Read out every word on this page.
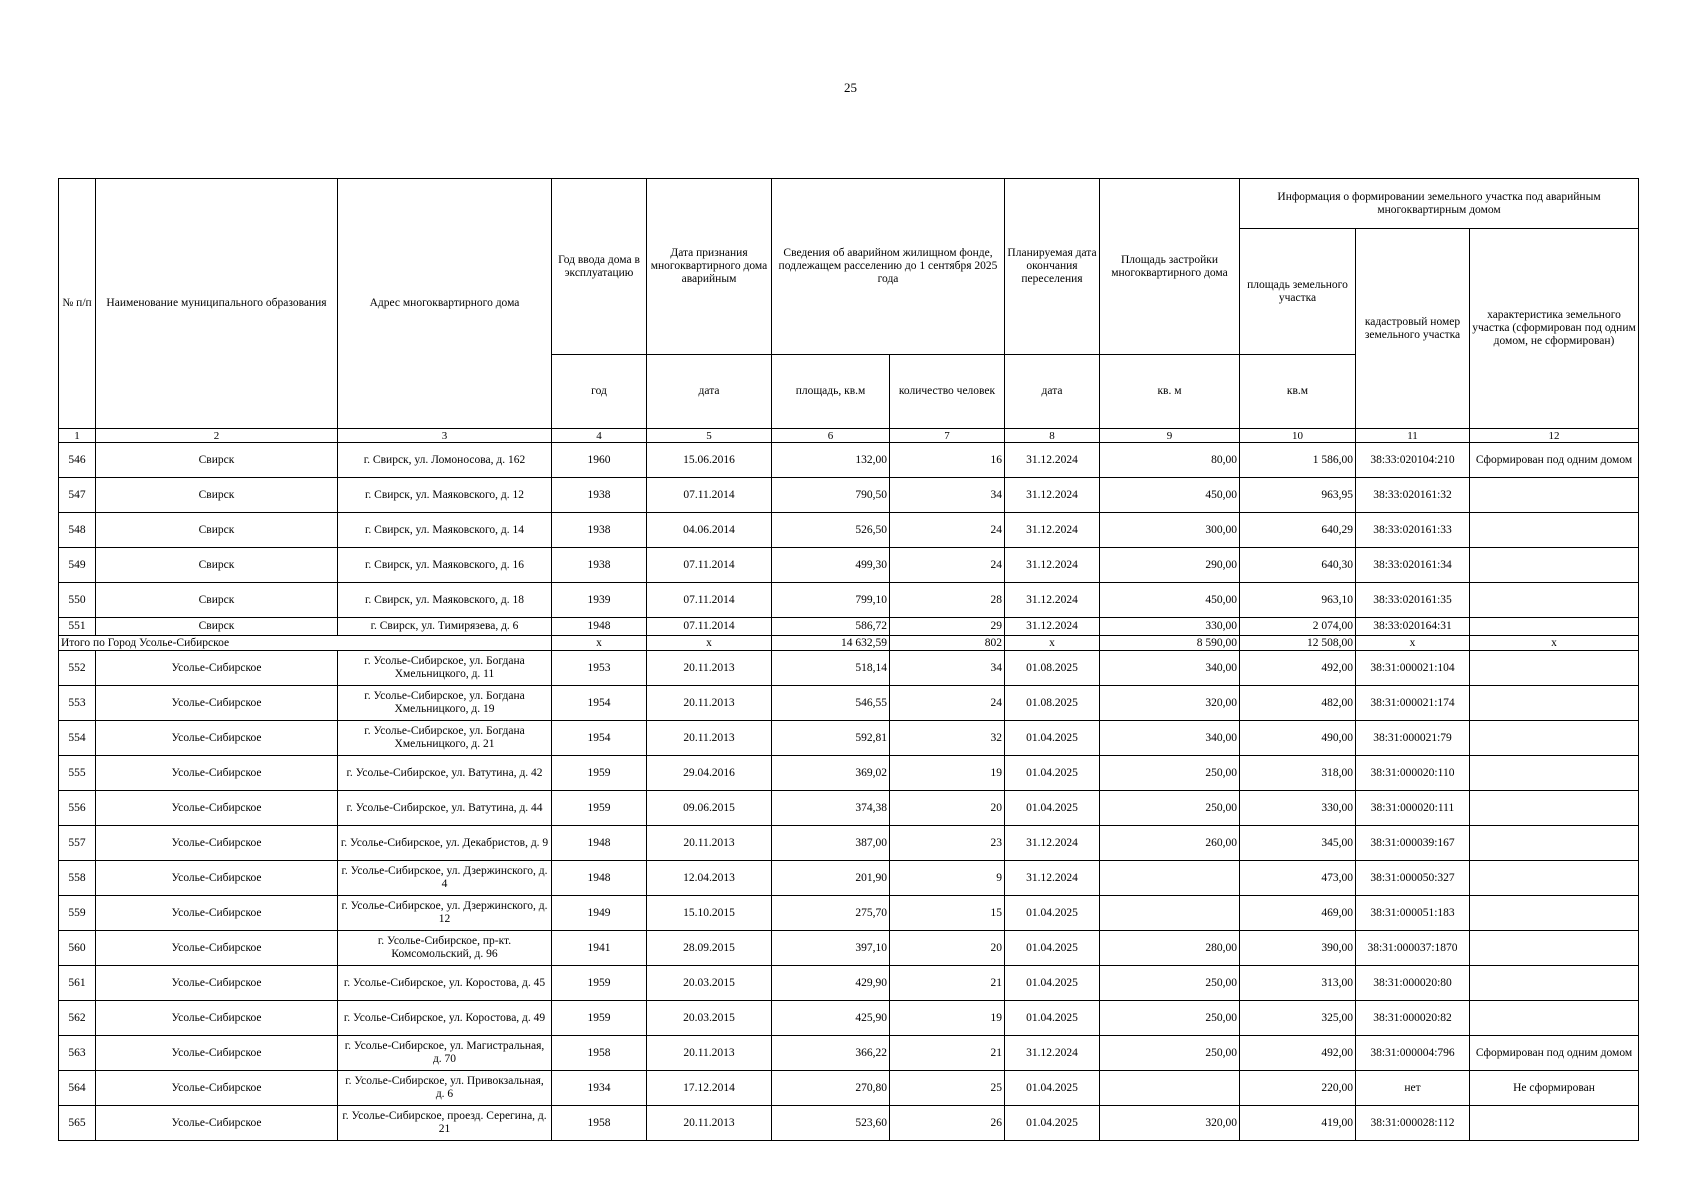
25
№ п/п	Наименование муниципального образования	Адрес многоквартирного дома	Год ввода дома в эксплуатацию	Дата признания многоквартирного дома аварийным	Сведения об аварийном жилищном фонде, подлежащем расселению до 1 сентября 2025 года		Планируемая дата окончания переселения	Площадь застройки многоквартирного дома	Информация о формировании земельного участка под аварийным многоквартирным домом		
									площадь земельного участка	кадастровый номер земельного участка	характеристика земельного участка (сформирован под одним домом, не сформирован)
			год	дата	площадь, кв.м	количество человек	дата	кв. м	кв.м		
1	2	3	4	5	6	7	8	9	10	11	12
546	Свирск	г. Свирск, ул. Ломоносова, д. 162	1960	15.06.2016	132,00	16	31.12.2024	80,00	1 586,00	38:33:020104:210	Сформирован под одним домом
547	Свирск	г. Свирск, ул. Маяковского, д. 12	1938	07.11.2014	790,50	34	31.12.2024	450,00	963,95	38:33:020161:32	
548	Свирск	г. Свирск, ул. Маяковского, д. 14	1938	04.06.2014	526,50	24	31.12.2024	300,00	640,29	38:33:020161:33	
549	Свирск	г. Свирск, ул. Маяковского, д. 16	1938	07.11.2014	499,30	24	31.12.2024	290,00	640,30	38:33:020161:34	
550	Свирск	г. Свирск, ул. Маяковского, д. 18	1939	07.11.2014	799,10	28	31.12.2024	450,00	963,10	38:33:020161:35	
551	Свирск	г. Свирск, ул. Тимирязева, д. 6	1948	07.11.2014	586,72	29	31.12.2024	330,00	2 074,00	38:33:020164:31	
Итого по Город Усолье-Сибирское			x	x	14 632,59	802	x	8 590,00	12 508,00	x	x
552	Усолье-Сибирское	г. Усолье-Сибирское, ул. Богдана Хмельницкого, д. 11	1953	20.11.2013	518,14	34	01.08.2025	340,00	492,00	38:31:000021:104	
553	Усолье-Сибирское	г. Усолье-Сибирское, ул. Богдана Хмельницкого, д. 19	1954	20.11.2013	546,55	24	01.08.2025	320,00	482,00	38:31:000021:174	
554	Усолье-Сибирское	г. Усолье-Сибирское, ул. Богдана Хмельницкого, д. 21	1954	20.11.2013	592,81	32	01.04.2025	340,00	490,00	38:31:000021:79	
555	Усолье-Сибирское	г. Усолье-Сибирское, ул. Ватутина, д. 42	1959	29.04.2016	369,02	19	01.04.2025	250,00	318,00	38:31:000020:110	
556	Усолье-Сибирское	г. Усолье-Сибирское, ул. Ватутина, д. 44	1959	09.06.2015	374,38	20	01.04.2025	250,00	330,00	38:31:000020:111	
557	Усолье-Сибирское	г. Усолье-Сибирское, ул. Декабристов, д. 9	1948	20.11.2013	387,00	23	31.12.2024	260,00	345,00	38:31:000039:167	
558	Усолье-Сибирское	г. Усолье-Сибирское, ул. Дзержинского, д. 4	1948	12.04.2013	201,90	9	31.12.2024		473,00	38:31:000050:327	
559	Усолье-Сибирское	г. Усолье-Сибирское, ул. Дзержинского, д. 12	1949	15.10.2015	275,70	15	01.04.2025		469,00	38:31:000051:183	
560	Усолье-Сибирское	г. Усолье-Сибирское, пр-кт. Комсомольский, д. 96	1941	28.09.2015	397,10	20	01.04.2025	280,00	390,00	38:31:000037:1870	
561	Усолье-Сибирское	г. Усолье-Сибирское, ул. Коростова, д. 45	1959	20.03.2015	429,90	21	01.04.2025	250,00	313,00	38:31:000020:80	
562	Усолье-Сибирское	г. Усолье-Сибирское, ул. Коростова, д. 49	1959	20.03.2015	425,90	19	01.04.2025	250,00	325,00	38:31:000020:82	
563	Усолье-Сибирское	г. Усолье-Сибирское, ул. Магистральная, д. 70	1958	20.11.2013	366,22	21	31.12.2024	250,00	492,00	38:31:000004:796	Сформирован под одним домом
564	Усолье-Сибирское	г. Усолье-Сибирское, ул. Привокзальная, д. 6	1934	17.12.2014	270,80	25	01.04.2025		220,00	нет	Не сформирован
565	Усолье-Сибирское	г. Усолье-Сибирское, проезд. Серегина, д. 21	1958	20.11.2013	523,60	26	01.04.2025	320,00	419,00	38:31:000028:112	
